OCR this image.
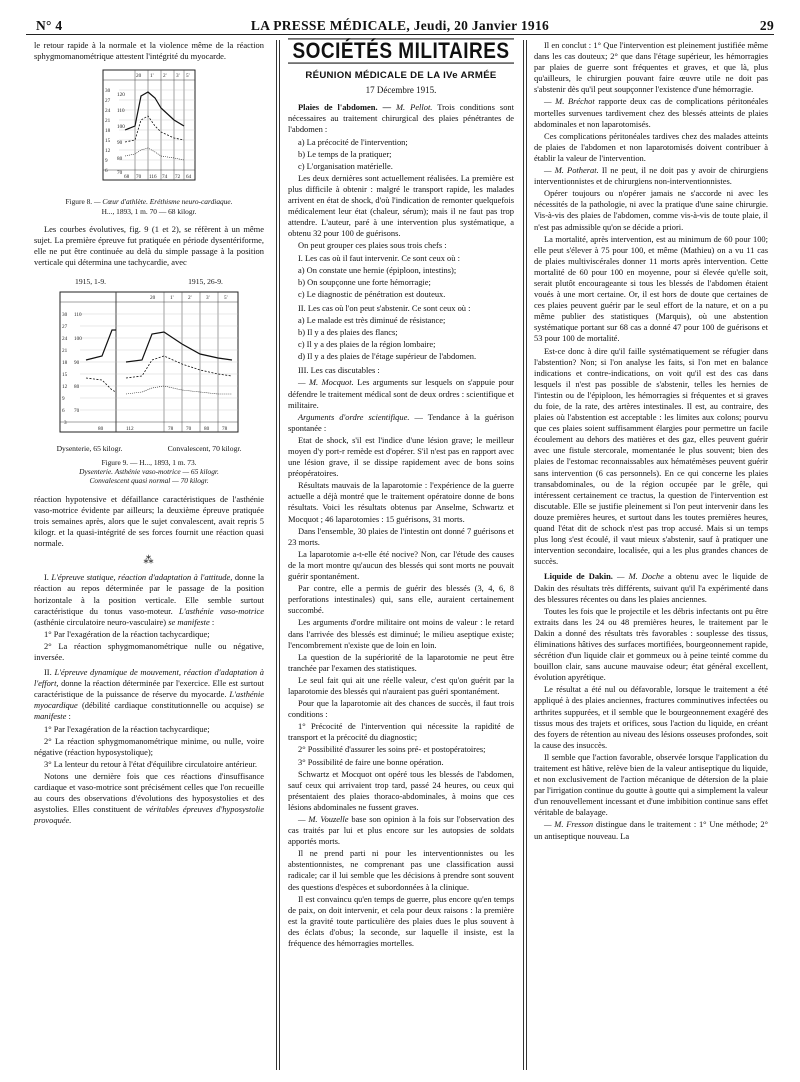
N° 4	LA PRESSE MÉDICALE, Jeudi, 20 Janvier 1916	29

le retour rapide à la normale et la violence même de la réaction sphygmomanométrique attestent l'intégrité du myocarde.

20 1' 2' 3' 5'
30
27
24
21
18
15
12
9
6
120
110
100
90
80
70
68 70 116 74 72 64
Figure 8. — Cœur d'athlète. Eréthisme neuro-cardiaque.
H..., 1893, 1 m. 70 — 68 kilogr.

Les courbes évolutives, fig. 9 (1 et 2), se réfèrent à un même sujet. La première épreuve fut pratiquée en période dysentériforme, elle ne put être continuée au delà du simple passage à la position verticale qui détermina une tachycardie, avec

1915, 1-9.	1915, 26-9.
20	1'	2'	3'	5'
30
27
24
21
18
15
12
9
6
3
110
100
90
80
70
80	112	78 70 80 78
Dysenterie, 65 kilogr.	Convalescent, 70 kilogr.
Figure 9. — H..., 1893, 1 m. 73.
Dysenterie. Asthénie vaso-motrice — 65 kilogr.
Convalescent quasi normal — 70 kilogr.

réaction hypotensive et défaillance caractéristiques de l'asthénie vaso-motrice évidente par ailleurs; la deuxième épreuve pratiquée trois semaines après, alors que le sujet convalescent, avait repris 5 kilogr. et la quasi-intégrité de ses forces fournit une réaction quasi normale.

⁂

I. L'épreuve statique, réaction d'adaptation à l'attitude, donne la réaction au repos déterminée par le passage de la position horizontale à la position verticale. Elle semble surtout caractéristique du tonus vaso-moteur. L'asthénie vaso-motrice (asthénie circulatoire neuro-vasculaire) se manifeste :

1° Par l'exagération de la réaction tachycardique;

2° La réaction sphygmomanométrique nulle ou négative, inversée.

II. L'épreuve dynamique de mouvement, réaction d'adaptation à l'effort, donne la réaction déterminée par l'exercice. Elle est surtout caractéristique de la puissance de réserve du myocarde. L'asthénie myocardique (débilité cardiaque constitutionnelle ou acquise) se manifeste :

1° Par l'exagération de la réaction tachycardique;

2° La réaction sphygmomanométrique minime, ou nulle, voire négative (réaction hyposystolique);

3° La lenteur du retour à l'état d'équilibre circulatoire antérieur.

Notons une dernière fois que ces réactions d'insuffisance cardiaque et vaso-motrice sont précisément celles que l'on recueille au cours des observations d'évolutions des hyposystolies et des asystolies. Elles constituent de véritables épreuves d'hyposystolie provoquée.

SOCIÉTÉS MILITAIRES
RÉUNION MÉDICALE DE LA IVe ARMÉE
17 Décembre 1915.

Plaies de l'abdomen. — M. Pellot. Trois conditions sont nécessaires au traitement chirurgical des plaies pénétrantes de l'abdomen :

a) La précocité de l'intervention;

b) Le temps de la pratiquer;

c) L'organisation matérielle.

Les deux dernières sont actuellement réalisées. La première est plus difficile à obtenir : malgré le transport rapide, les malades arrivent en état de shock, d'où l'indication de remonter quelquefois médicalement leur état (chaleur, sérum); mais il ne faut pas trop attendre. L'auteur, paré à une intervention plus systématique, a obtenu 32 pour 100 de guérisons.

On peut grouper ces plaies sous trois chefs :

I. Les cas où il faut intervenir. Ce sont ceux où :

a) On constate une hernie (épiploon, intestins);

b) On soupçonne une forte hémorragie;

c) Le diagnostic de pénétration est douteux.

II. Les cas où l'on peut s'abstenir. Ce sont ceux où :

a) Le malade est très diminué de résistance;

b) Il y a des plaies des flancs;

c) Il y a des plaies de la région lombaire;

d) Il y a des plaies de l'étage supérieur de l'abdomen.

III. Les cas discutables :

— M. Mocquot. Les arguments sur lesquels on s'appuie pour défendre le traitement médical sont de deux ordres : scientifique et militaire.

Arguments d'ordre scientifique. — Tendance à la guérison spontanée :

Etat de shock, s'il est l'indice d'une lésion grave; le meilleur moyen d'y port-r remède est d'opérer. S'il n'est pas en rapport avec une lésion grave, il se dissipe rapidement avec de bons soins préopératoires.

Résultats mauvais de la laparotomie : l'expérience de la guerre actuelle a déjà montré que le traitement opératoire donne de bons résultats. Voici les résultats obtenus par Anselme, Schwartz et Mocquot ; 46 laparotomies : 15 guérisons, 31 morts.

Dans l'ensemble, 30 plaies de l'intestin ont donné 7 guérisons et 23 morts.

La laparotomie a-t-elle été nocive? Non, car l'étude des causes de la mort montre qu'aucun des blessés qui sont morts ne pouvait guérir spontanément.

Par contre, elle a permis de guérir des blessés (3, 4, 6, 8 perforations intestinales) qui, sans elle, auraient certainement succombé.

Les arguments d'ordre militaire ont moins de valeur : le retard dans l'arrivée des blessés est diminué; le milieu aseptique existe; l'encombrement n'existe que de loin en loin.

La question de la supériorité de la laparotomie ne peut être tranchée par l'examen des statistiques.

Le seul fait qui ait une réelle valeur, c'est qu'on guérit par la laparotomie des blessés qui n'auraient pas guéri spontanément.

Pour que la laparotomie ait des chances de succès, il faut trois conditions :

1° Précocité de l'intervention qui nécessite la rapidité de transport et la précocité du diagnostic;

2° Possibilité d'assurer les soins pré- et postopératoires;

3° Possibilité de faire une bonne opération.

Schwartz et Mocquot ont opéré tous les blessés de l'abdomen, sauf ceux qui arrivaient trop tard, passé 24 heures, ou ceux qui présentaient des plaies thoraco-abdominales, à moins que ces lésions abdominales ne fussent graves.

— M. Vouzelle base son opinion à la fois sur l'observation des cas traités par lui et plus encore sur les autopsies de soldats apportés morts.

Il ne prend parti ni pour les interventionnistes ou les abstentionnistes, ne comprenant pas une classification aussi radicale; car il lui semble que les décisions à prendre sont souvent des questions d'espèces et subordonnées à la clinique.

Il est convaincu qu'en temps de guerre, plus encore qu'en temps de paix, on doit intervenir, et cela pour deux raisons : la première est la gravité toute particulière des plaies dues le plus souvent à des éclats d'obus; la seconde, sur laquelle il insiste, est la fréquence des hémorragies mortelles.

Il en conclut : 1° Que l'intervention est pleinement justifiée même dans les cas douteux; 2° que dans l'étage supérieur, les hémorragies par plaies de guerre sont fréquentes et graves, et que là, plus qu'ailleurs, le chirurgien pouvant faire œuvre utile ne doit pas s'abstenir dès qu'il peut soupçonner l'existence d'une hémorragie.

— M. Bréchot rapporte deux cas de complications péritonéales mortelles survenues tardivement chez des blessés atteints de plaies abdominales et non laparotomisés.

Ces complications péritonéales tardives chez des malades atteints de plaies de l'abdomen et non laparotomisés doivent contribuer à établir la valeur de l'intervention.

— M. Potherat. Il ne peut, il ne doit pas y avoir de chirurgiens interventionnistes et de chirurgiens non-interventionnistes.

Opérer toujours ou n'opérer jamais ne s'accorde ni avec les nécessités de la pathologie, ni avec la pratique d'une saine chirurgie. Vis-à-vis des plaies de l'abdomen, comme vis-à-vis de toute plaie, il n'est pas admissible qu'on se décide a priori.

La mortalité, après intervention, est au minimum de 60 pour 100; elle peut s'élever à 75 pour 100, et même (Mathieu) on a vu 11 cas de plaies multiviscérales donner 11 morts après intervention. Cette mortalité de 60 pour 100 en moyenne, pour si élevée qu'elle soit, serait plutôt encourageante si tous les blessés de l'abdomen étaient voués à une mort certaine. Or, il est hors de doute que certaines de ces plaies peuvent guérir par le seul effort de la nature, et on a pu même publier des statistiques (Marquis), où une abstention systématique portant sur 68 cas a donné 47 pour 100 de guérisons et 53 pour 100 de mortalité.

Est-ce donc à dire qu'il faille systématiquement se réfugier dans l'abstention? Non; si l'on analyse les faits, si l'on met en balance indications et contre-indications, on voit qu'il est des cas dans lesquels il n'est pas possible de s'abstenir, telles les hernies de l'intestin ou de l'épiploon, les hémorragies si fréquentes et si graves du foie, de la rate, des artères intestinales. Il est, au contraire, des plaies où l'abstention est acceptable : les limites aux colons; pourvu que ces plaies soient suffisamment élargies pour permettre un facile écoulement au dehors des matières et des gaz, elles peuvent guérir avec une fistule stercorale, momentanée le plus souvent; bien des plaies de l'estomac reconnaissables aux hématémèses peuvent guérir sans intervention (6 cas personnels). En ce qui concerne les plaies transabdominales, ou de la région occupée par le grêle, qui intéressent certainement ce tractus, la question de l'intervention est discutable. Elle se justifie pleinement si l'on peut intervenir dans les douze premières heures, et surtout dans les toutes premières heures, quand l'état dit de schock n'est pas trop accusé. Mais si un temps plus long s'est écoulé, il vaut mieux s'abstenir, sauf à pratiquer une intervention secondaire, localisée, qui a les plus grandes chances de succès.

Liquide de Dakin. — M. Doche a obtenu avec le liquide de Dakin des résultats très différents, suivant qu'il l'a expérimenté dans des blessures récentes ou dans les plaies anciennes.

Toutes les fois que le projectile et les débris infectants ont pu être extraits dans les 24 ou 48 premières heures, le traitement par le Dakin a donné des résultats très favorables : souplesse des tissus, éliminations hâtives des surfaces mortifiées, bourgeonnement rapide, sécrétion d'un liquide clair et gommeux ou à peine teinté comme du bouillon clair, sans aucune mauvaise odeur; état général excellent, évolution apyrétique.

Le résultat a été nul ou défavorable, lorsque le traitement a été appliqué à des plaies anciennes, fractures comminutives infectées ou arthrites suppurées, et il semble que le bourgeonnement exagéré des tissus mous des trajets et orifices, sous l'action du liquide, en créant des foyers de rétention au niveau des lésions osseuses profondes, soit la cause des insuccès.

Il semble que l'action favorable, observée lorsque l'application du traitement est hâtive, relève bien de la valeur antiseptique du liquide, et non exclusivement de l'action mécanique de détersion de la plaie par l'irrigation continue du goutte à goutte qui a simplement la valeur d'un renouvellement incessant et d'une imbibition continue sans effet véritable de balayage.

— M. Fresson distingue dans le traitement : 1° Une méthode; 2° un antiseptique nouveau. La
